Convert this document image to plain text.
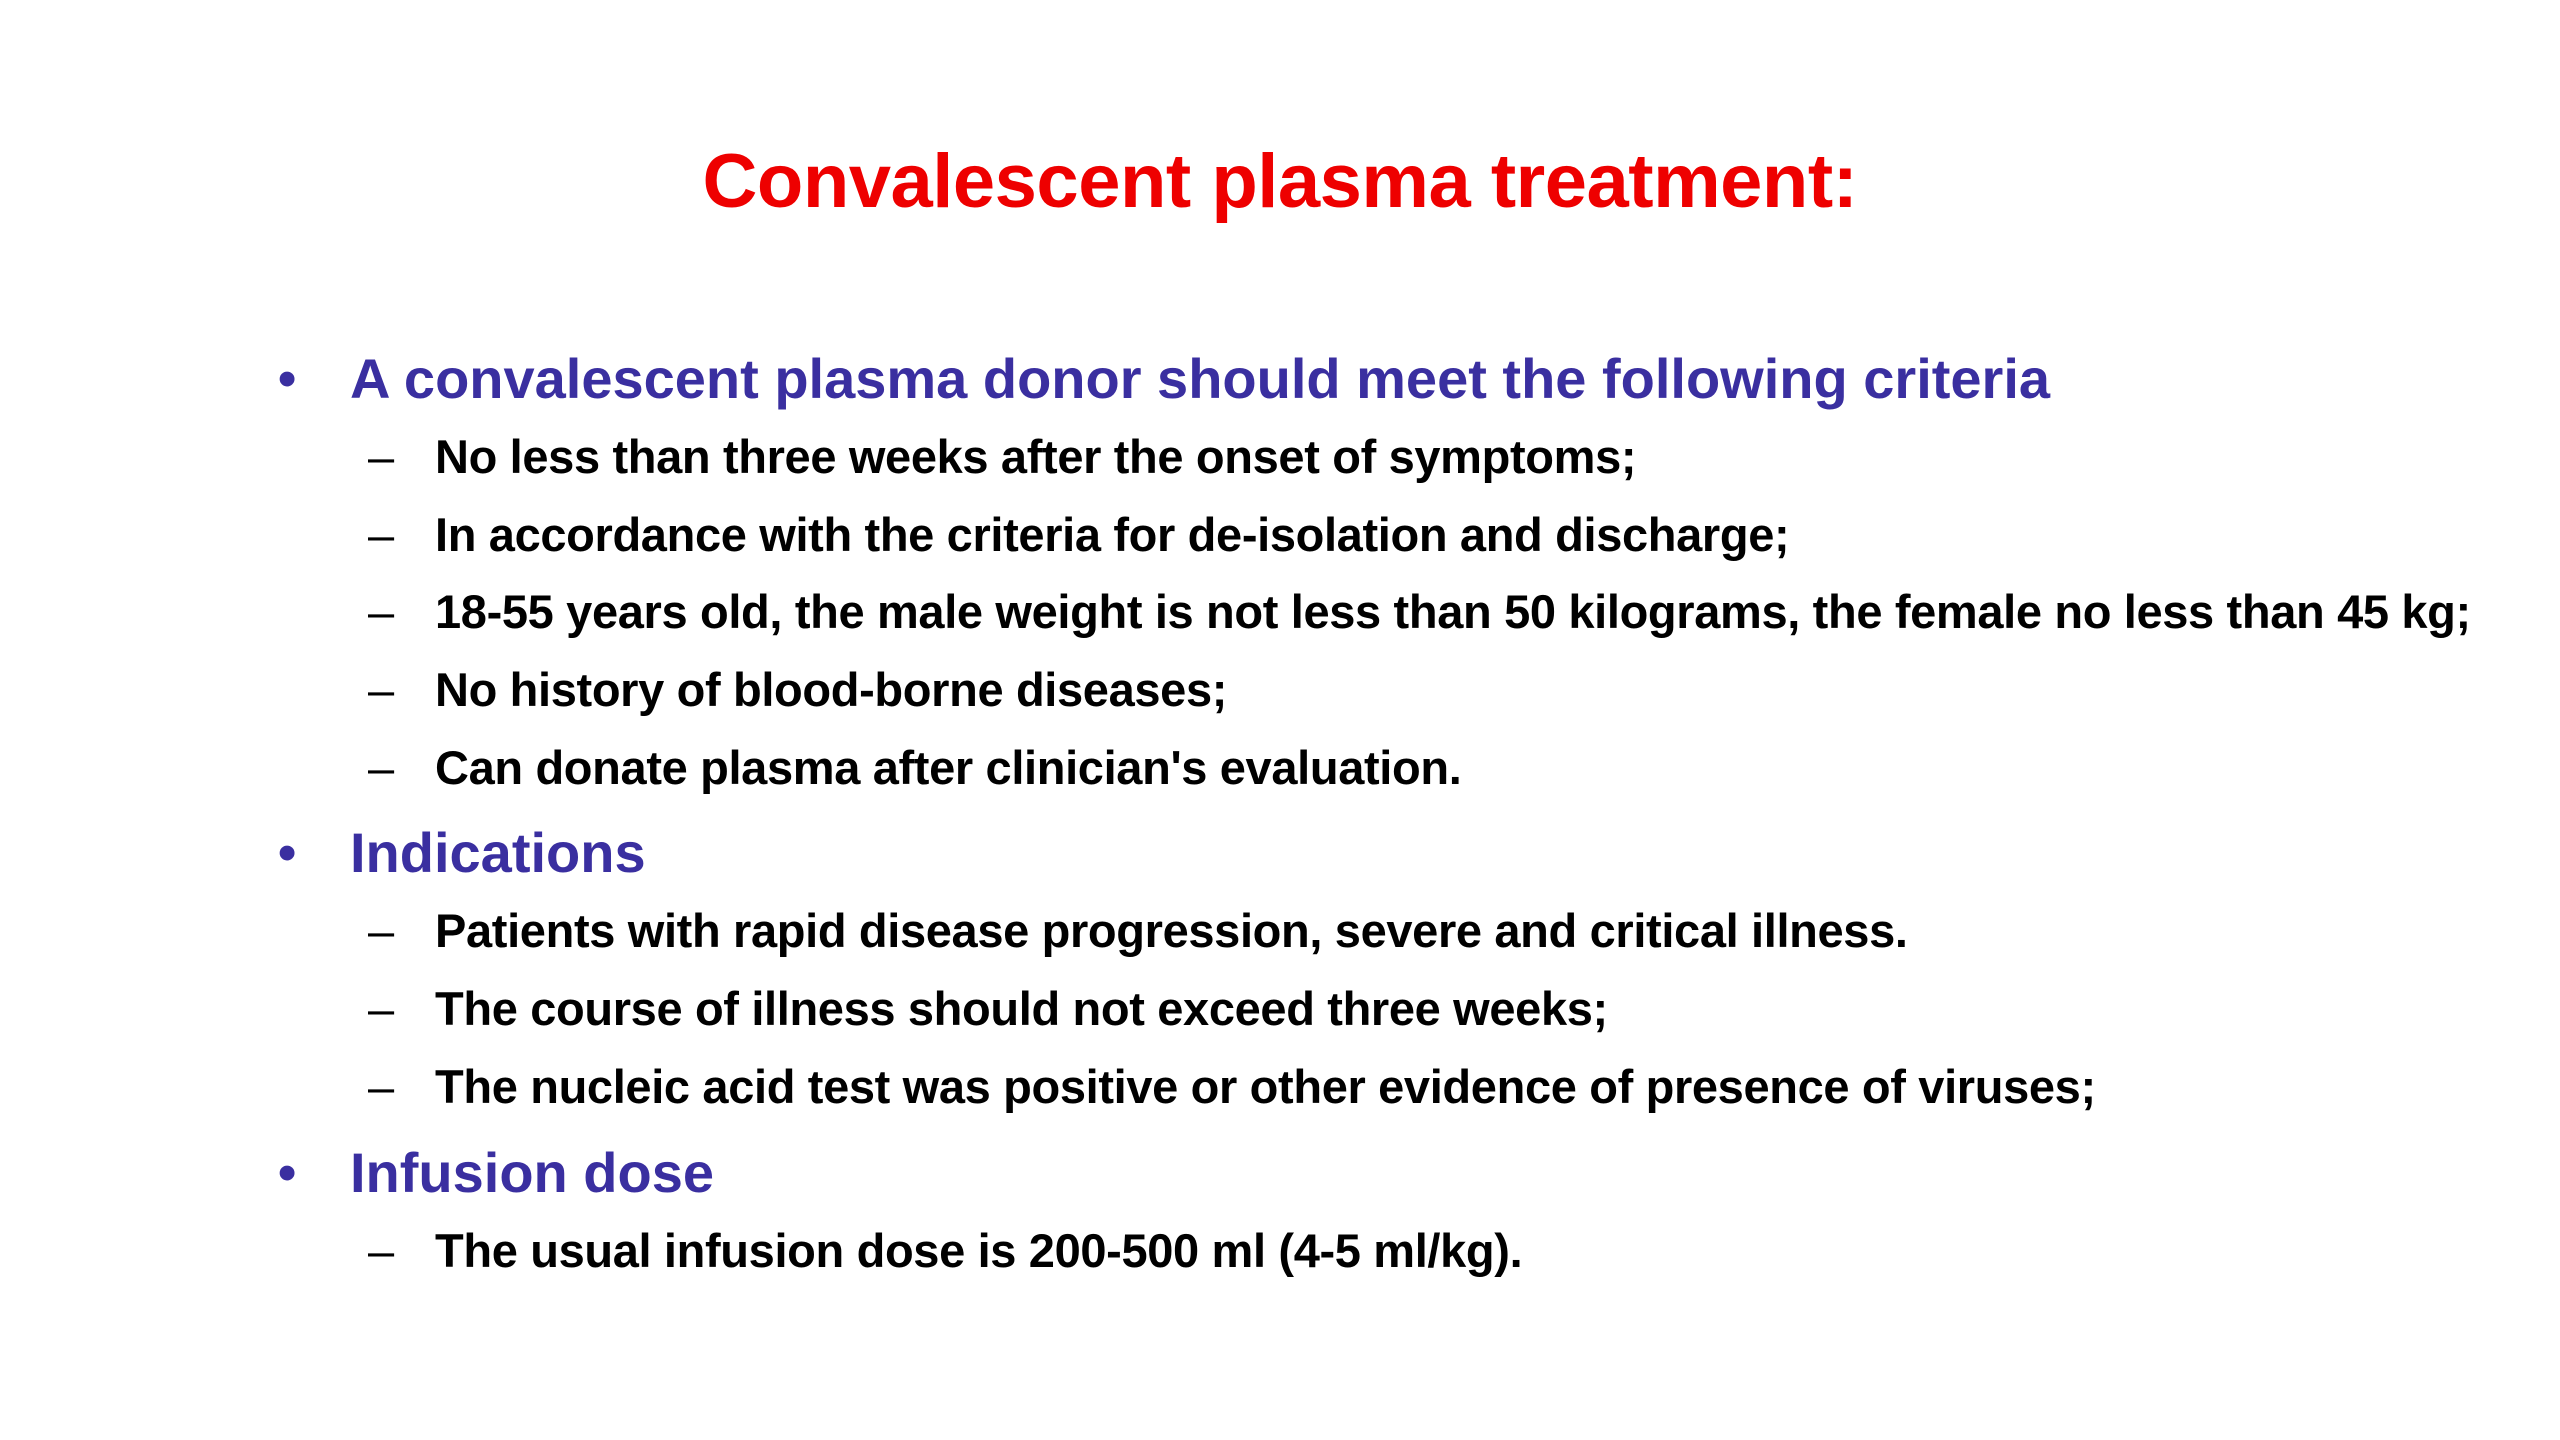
Convalescent plasma treatment:
• A convalescent plasma donor should meet the following criteria
– No less than three weeks after the onset of symptoms;
– In accordance with the criteria for de-isolation and discharge;
– 18-55 years old, the male weight is not less than 50 kilograms, the female no less than 45 kg;
– No history of blood-borne diseases;
– Can donate plasma after clinician's evaluation.
• Indications
– Patients with rapid disease progression, severe and critical illness.
– The course of illness should not exceed three weeks;
– The nucleic acid test was positive or other evidence of presence of viruses;
• Infusion dose
– The usual infusion dose is 200-500 ml (4-5 ml/kg).
